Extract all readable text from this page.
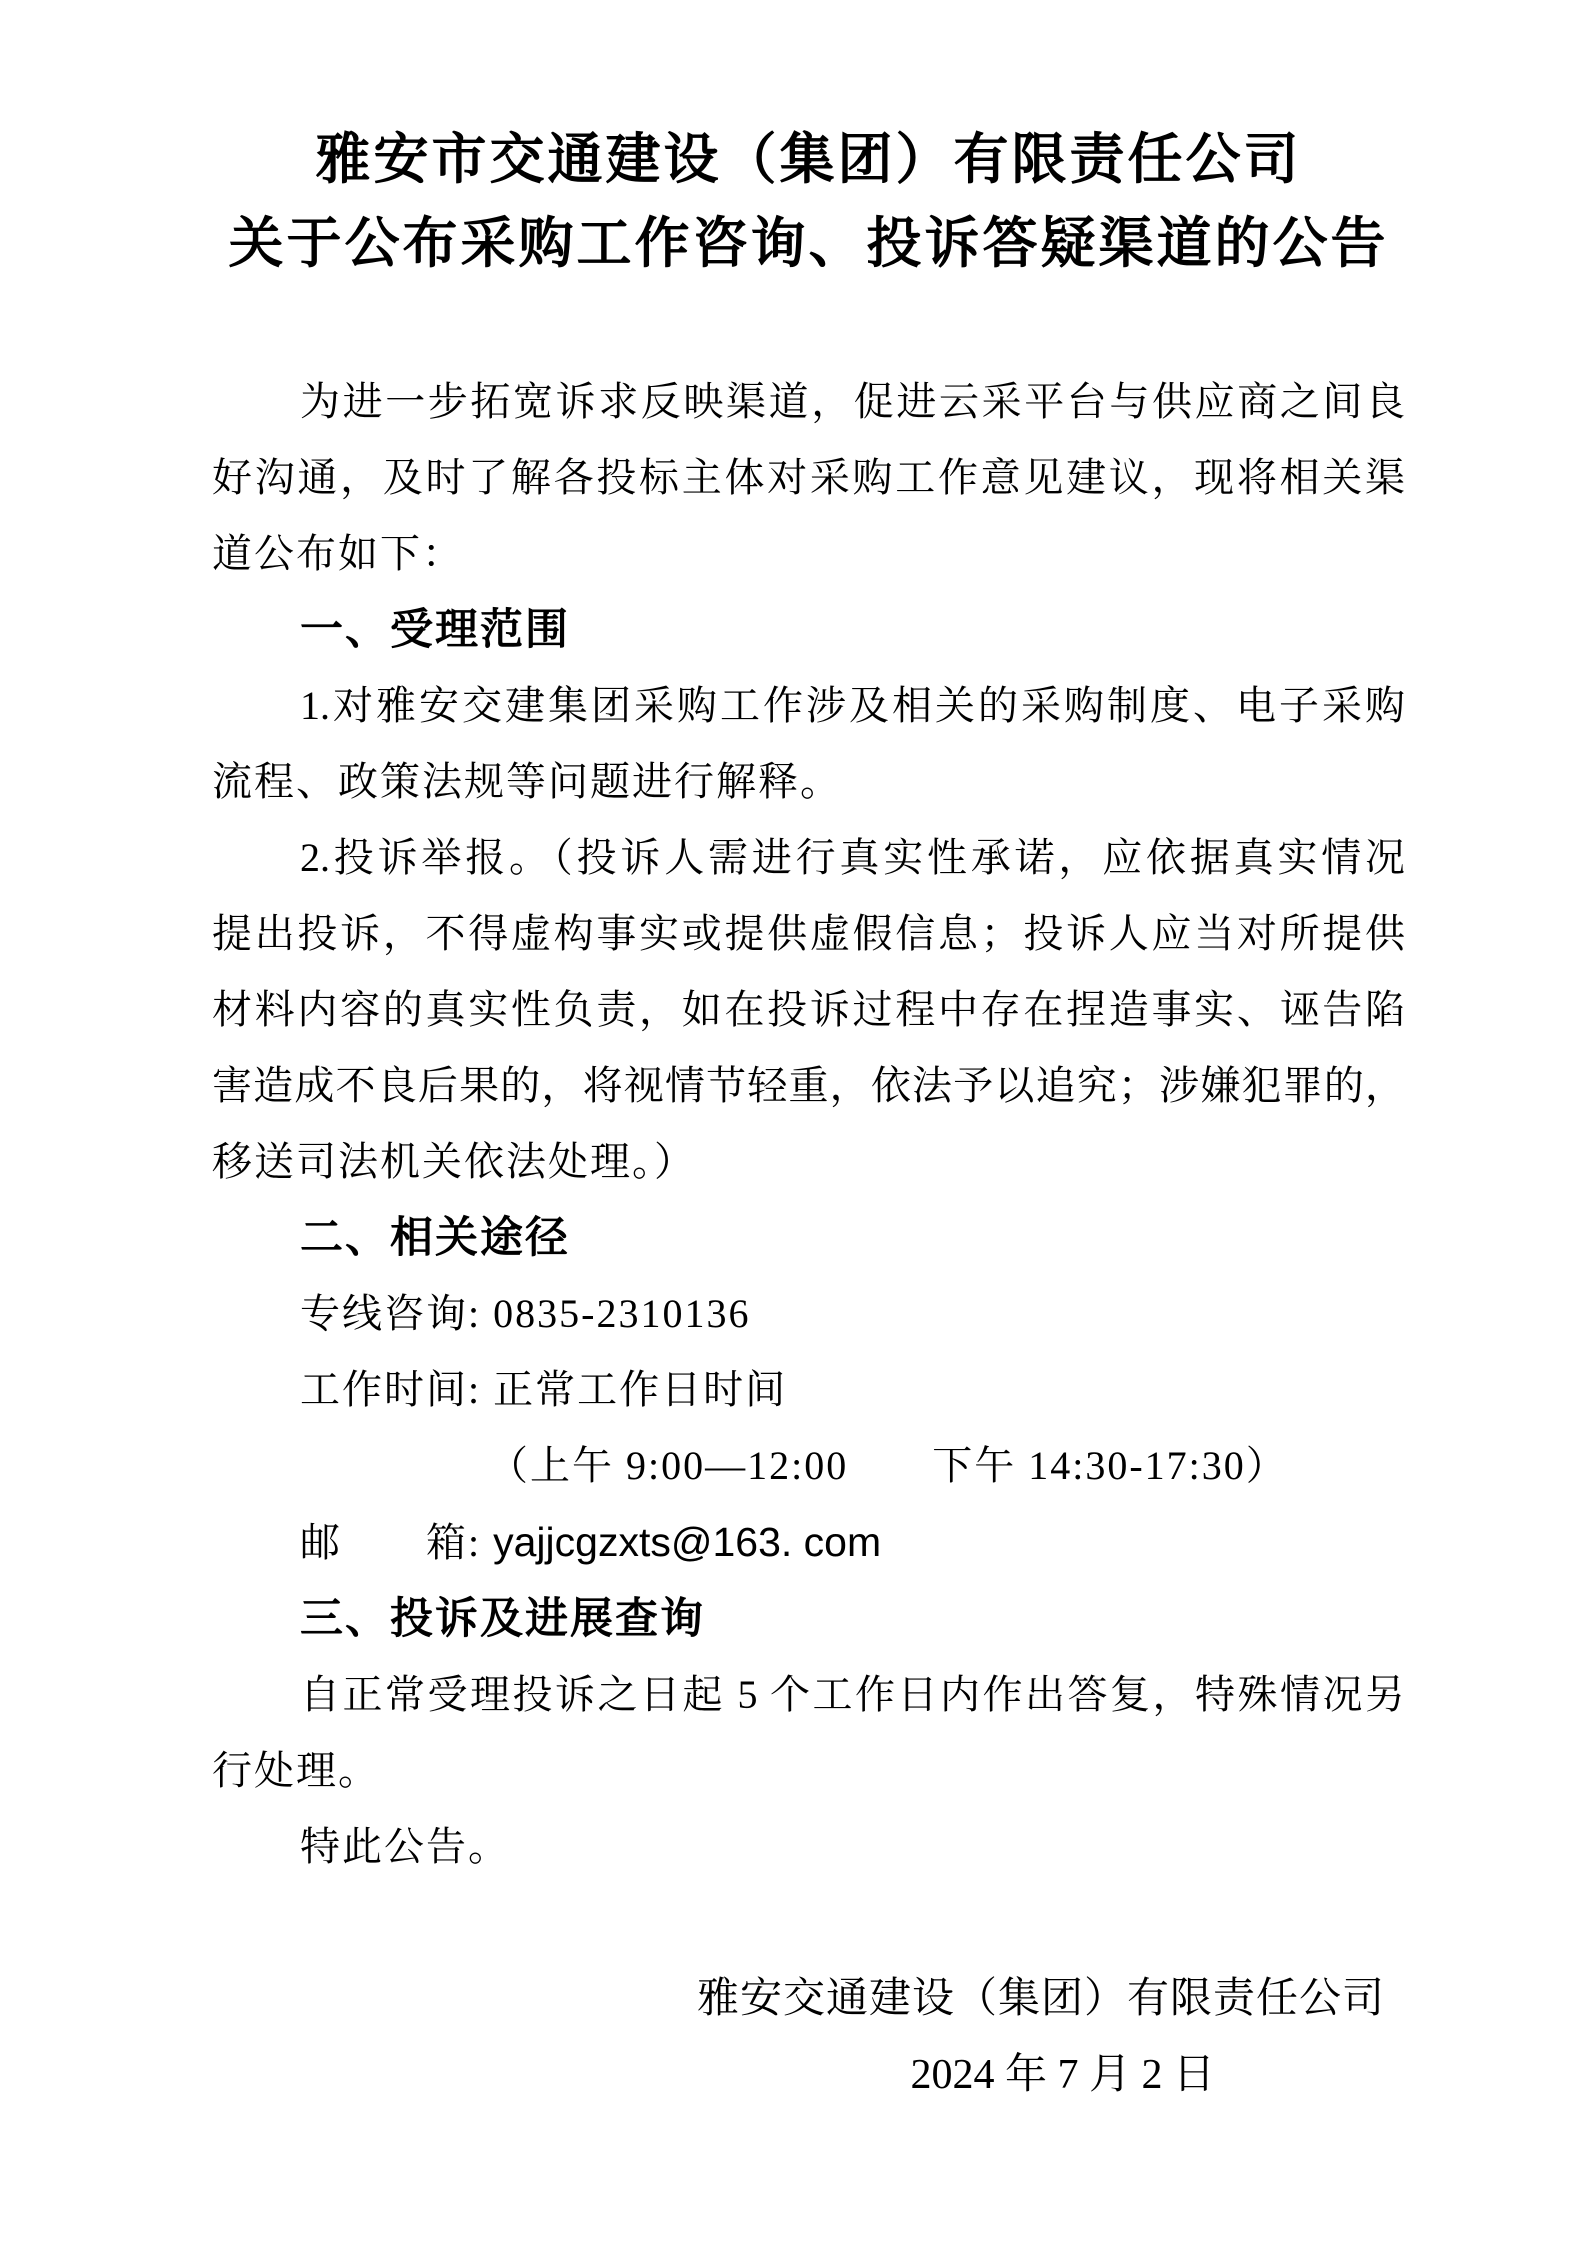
雅安市交通建设（集团）有限责任公司
关于公布采购工作咨询、投诉答疑渠道的公告
为进一步拓宽诉求反映渠道，促进云采平台与供应商之间良
好沟通，及时了解各投标主体对采购工作意见建议，现将相关渠
道公布如下：
一、受理范围
1.对雅安交建集团采购工作涉及相关的采购制度、电子采购
流程、政策法规等问题进行解释。
2.投诉举报。（投诉人需进行真实性承诺，应依据真实情况
提出投诉，不得虚构事实或提供虚假信息；投诉人应当对所提供
材料内容的真实性负责，如在投诉过程中存在捏造事实、诬告陷
害造成不良后果的，将视情节轻重，依法予以追究；涉嫌犯罪的，
移送司法机关依法处理。）
二、相关途径
专线咨询: 0835-2310136
工作时间: 正常工作日时间
（上午 9:00—12:00　　下午 14:30-17:30）
邮　　箱: yajjcgzxts@163. com
三、投诉及进展查询
自正常受理投诉之日起 5 个工作日内作出答复，特殊情况另
行处理。
特此公告。
雅安交通建设（集团）有限责任公司
2024 年 7 月 2 日
